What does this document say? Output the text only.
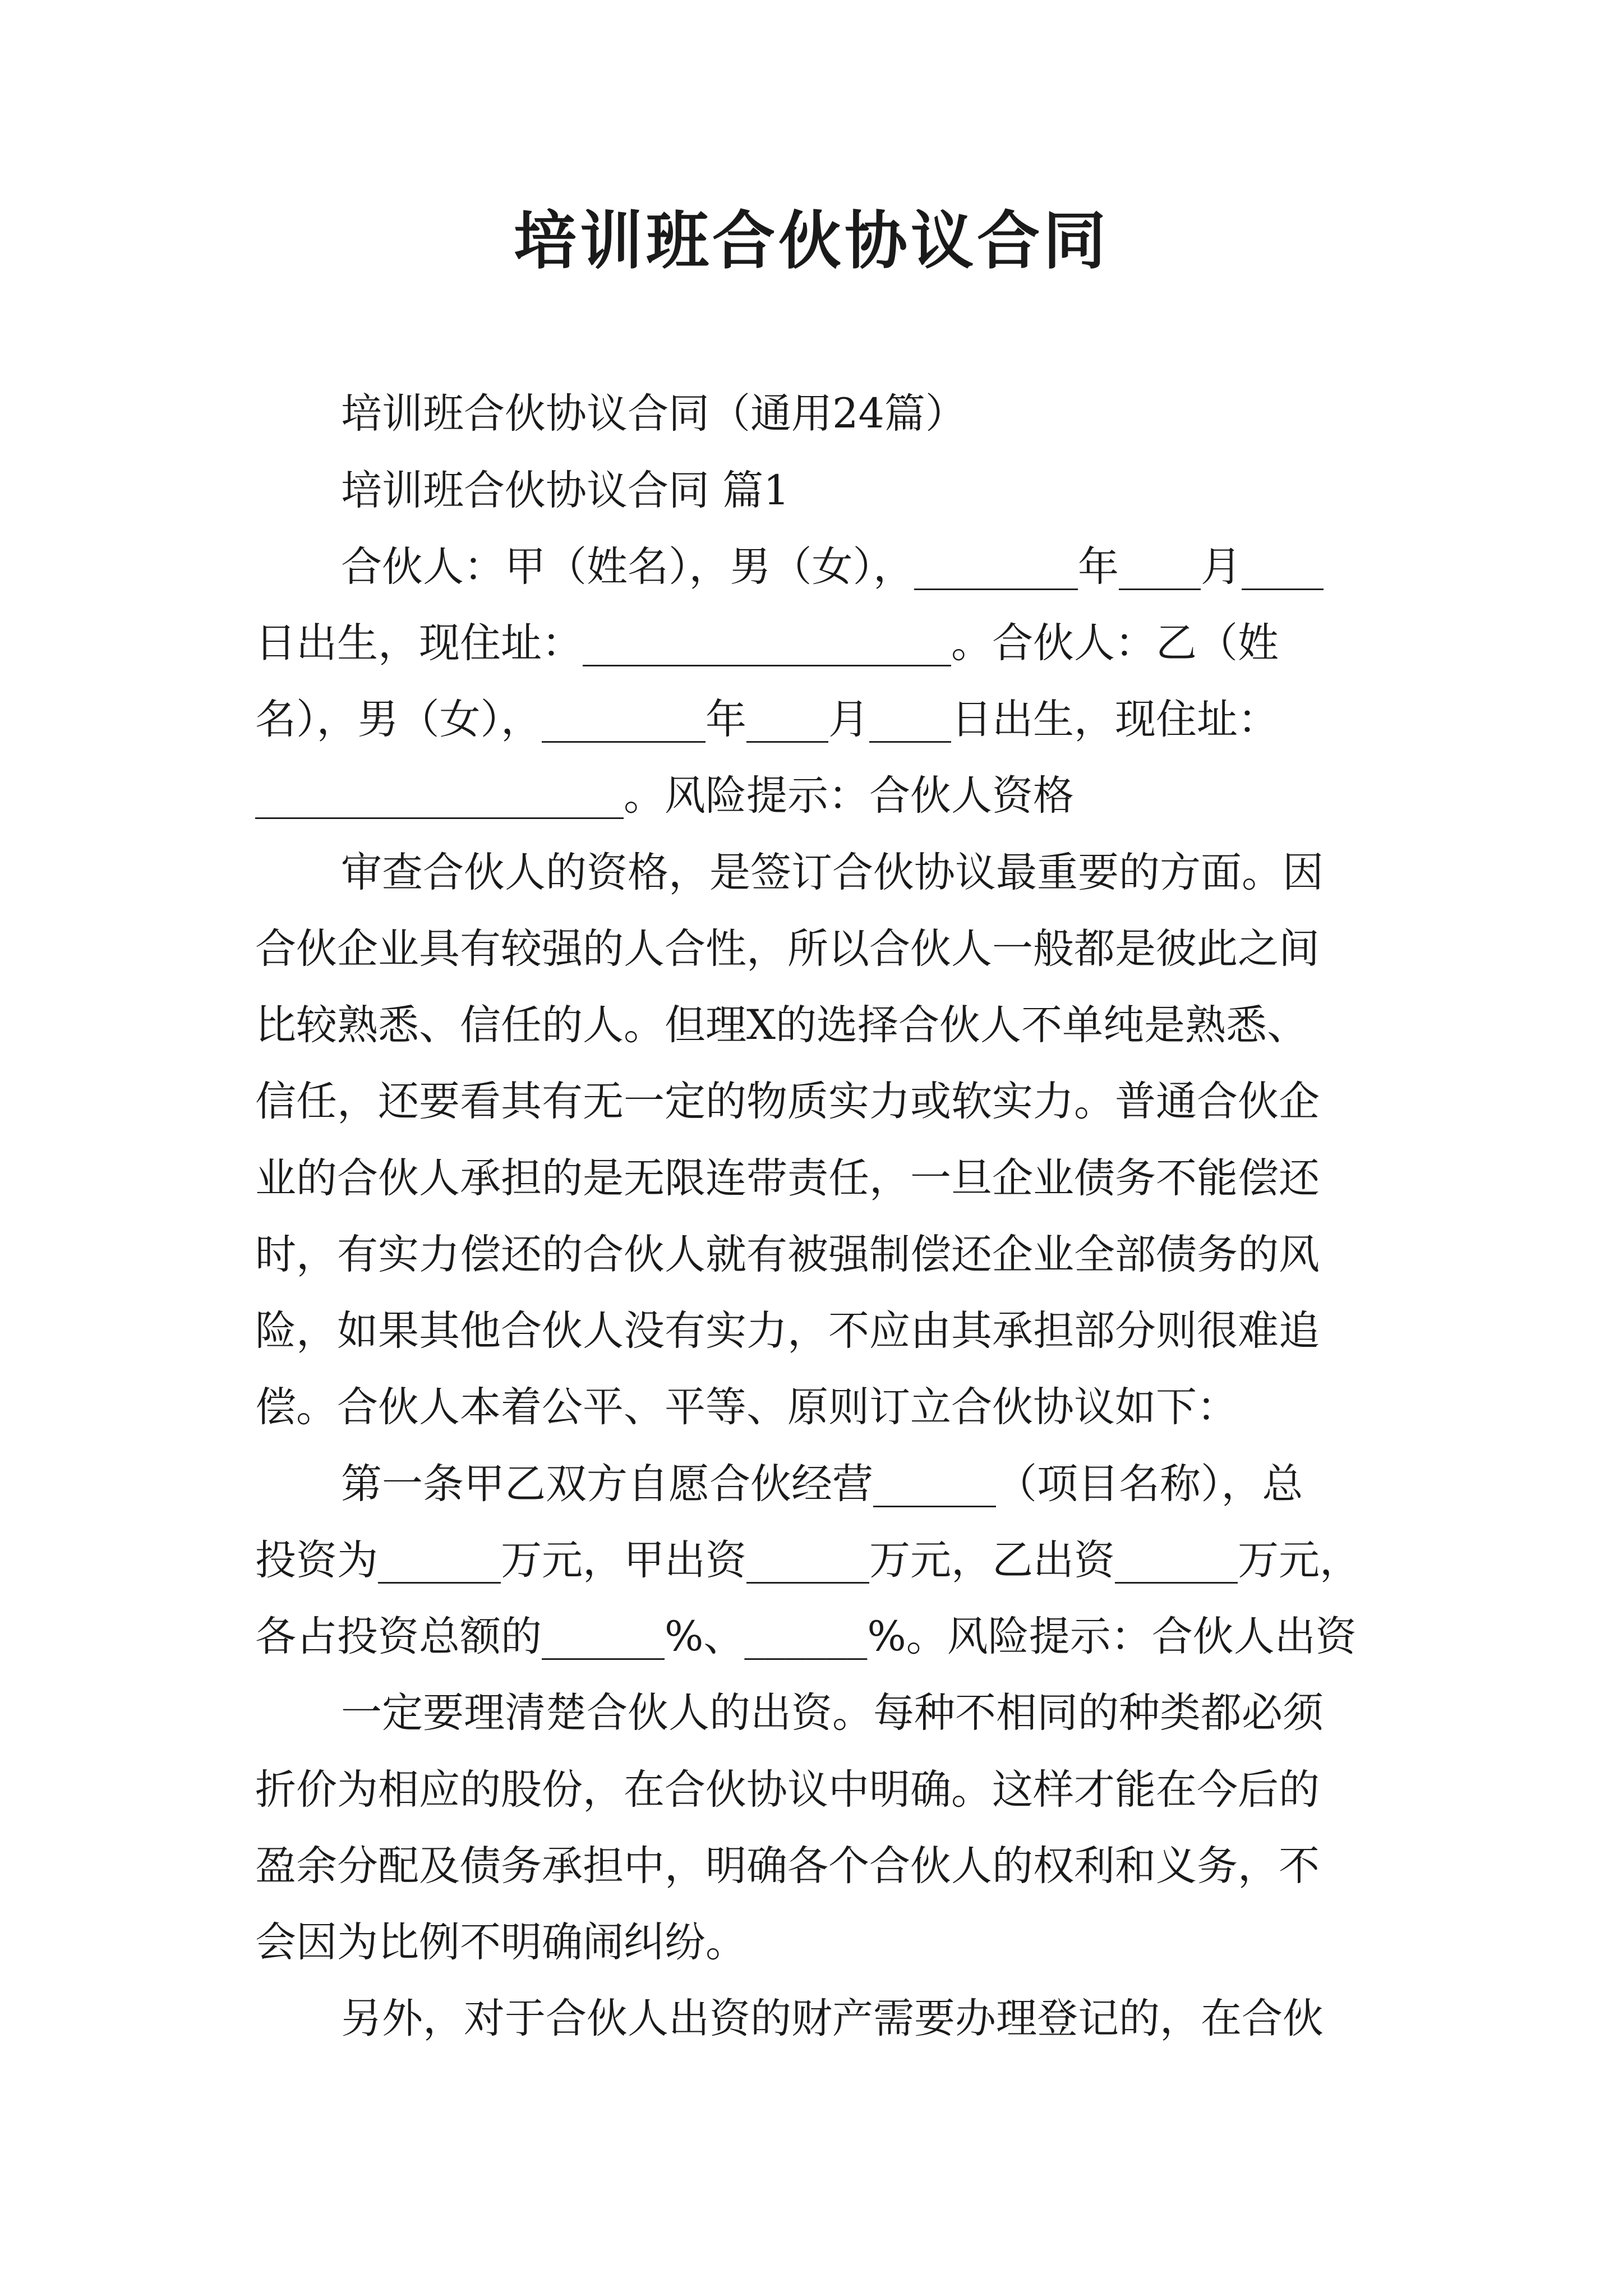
培训班合伙协议合同
培训班合伙协议合同（通用24篇）
培训班合伙协议合同 篇1
合伙人：甲（姓名），男（女），________年____月____
日出生，现住址：__________________。合伙人：乙（姓
名），男（女），________年____月____日出生，现住址：
__________________。风险提示：合伙人资格
审查合伙人的资格，是签订合伙协议最重要的方面。因
合伙企业具有较强的人合性，所以合伙人一般都是彼此之间
比较熟悉、信任的人。但理X的选择合伙人不单纯是熟悉、
信任，还要看其有无一定的物质实力或软实力。普通合伙企
业的合伙人承担的是无限连带责任，一旦企业债务不能偿还
时，有实力偿还的合伙人就有被强制偿还企业全部债务的风
险，如果其他合伙人没有实力，不应由其承担部分则很难追
偿。合伙人本着公平、平等、原则订立合伙协议如下：
第一条甲乙双方自愿合伙经营______（项目名称），总
投资为______万元，甲出资______万元，乙出资______万元，
各占投资总额的______%、______%。风险提示：合伙人出资
一定要理清楚合伙人的出资。每种不相同的种类都必须
折价为相应的股份，在合伙协议中明确。这样才能在今后的
盈余分配及债务承担中，明确各个合伙人的权利和义务，不
会因为比例不明确闹纠纷。
另外，对于合伙人出资的财产需要办理登记的，在合伙
